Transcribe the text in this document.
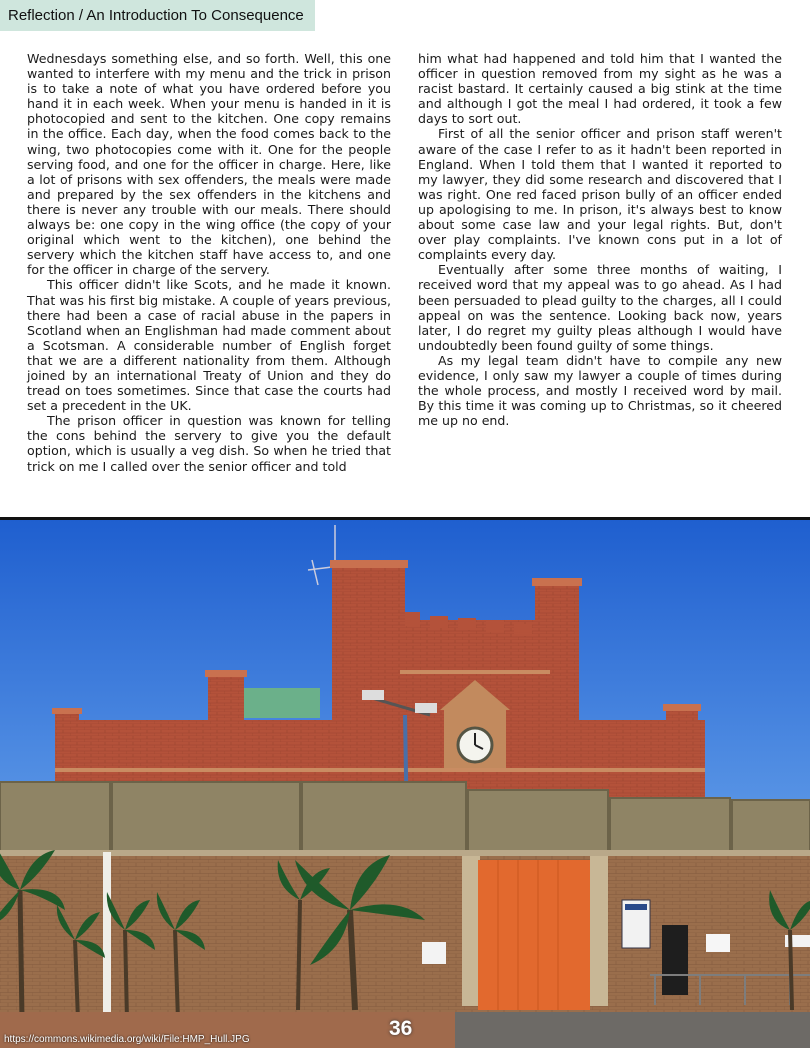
Reflection / An Introduction To Consequence

Wednesdays something else, and so forth. Well, this one wanted to interfere with my menu and the trick in prison is to take a note of what you have ordered before you hand it in each week. When your menu is handed in it is photocopied and sent to the kitchen. One copy remains in the office. Each day, when the food comes back to the wing, two photocopies come with it. One for the people serving food, and one for the officer in charge. Here, like a lot of prisons with sex offenders, the meals were made and prepared by the sex offenders in the kitchens and there is never any trouble with our meals. There should always be: one copy in the wing office (the copy of your original which went to the kitchen), one behind the servery which the kitchen staff have access to, and one for the officer in charge of the servery.

This officer didn't like Scots, and he made it known. That was his first big mistake. A couple of years previous, there had been a case of racial abuse in the papers in Scotland when an Englishman had made comment about a Scotsman. A considerable number of English forget that we are a different nationality from them. Although joined by an international Treaty of Union and they do tread on toes sometimes. Since that case the courts had set a precedent in the UK.

The prison officer in question was known for telling the cons behind the servery to give you the default option, which is usually a veg dish. So when he tried that trick on me I called over the senior officer and told

him what had happened and told him that I wanted the officer in question removed from my sight as he was a racist bastard. It certainly caused a big stink at the time and although I got the meal I had ordered, it took a few days to sort out.

First of all the senior officer and prison staff weren't aware of the case I refer to as it hadn't been reported in England. When I told them that I wanted it reported to my lawyer, they did some research and discovered that I was right. One red faced prison bully of an officer ended up apologising to me. In prison, it's always best to know about some case law and your legal rights. But, don't over play complaints. I've known cons put in a lot of complaints every day.

Eventually after some three months of waiting, I received word that my appeal was to go ahead. As I had been persuaded to plead guilty to the charges, all I could appeal on was the sentence. Looking back now, years later, I do regret my guilty pleas although I would have undoubtedly been found guilty of some things.

As my legal team didn't have to compile any new evidence, I only saw my lawyer a couple of times during the whole process, and mostly I received word by mail. By this time it was coming up to Christmas, so it cheered me up no end.

https://commons.wikimedia.org/wiki/File:HMP_Hull.JPG	36
